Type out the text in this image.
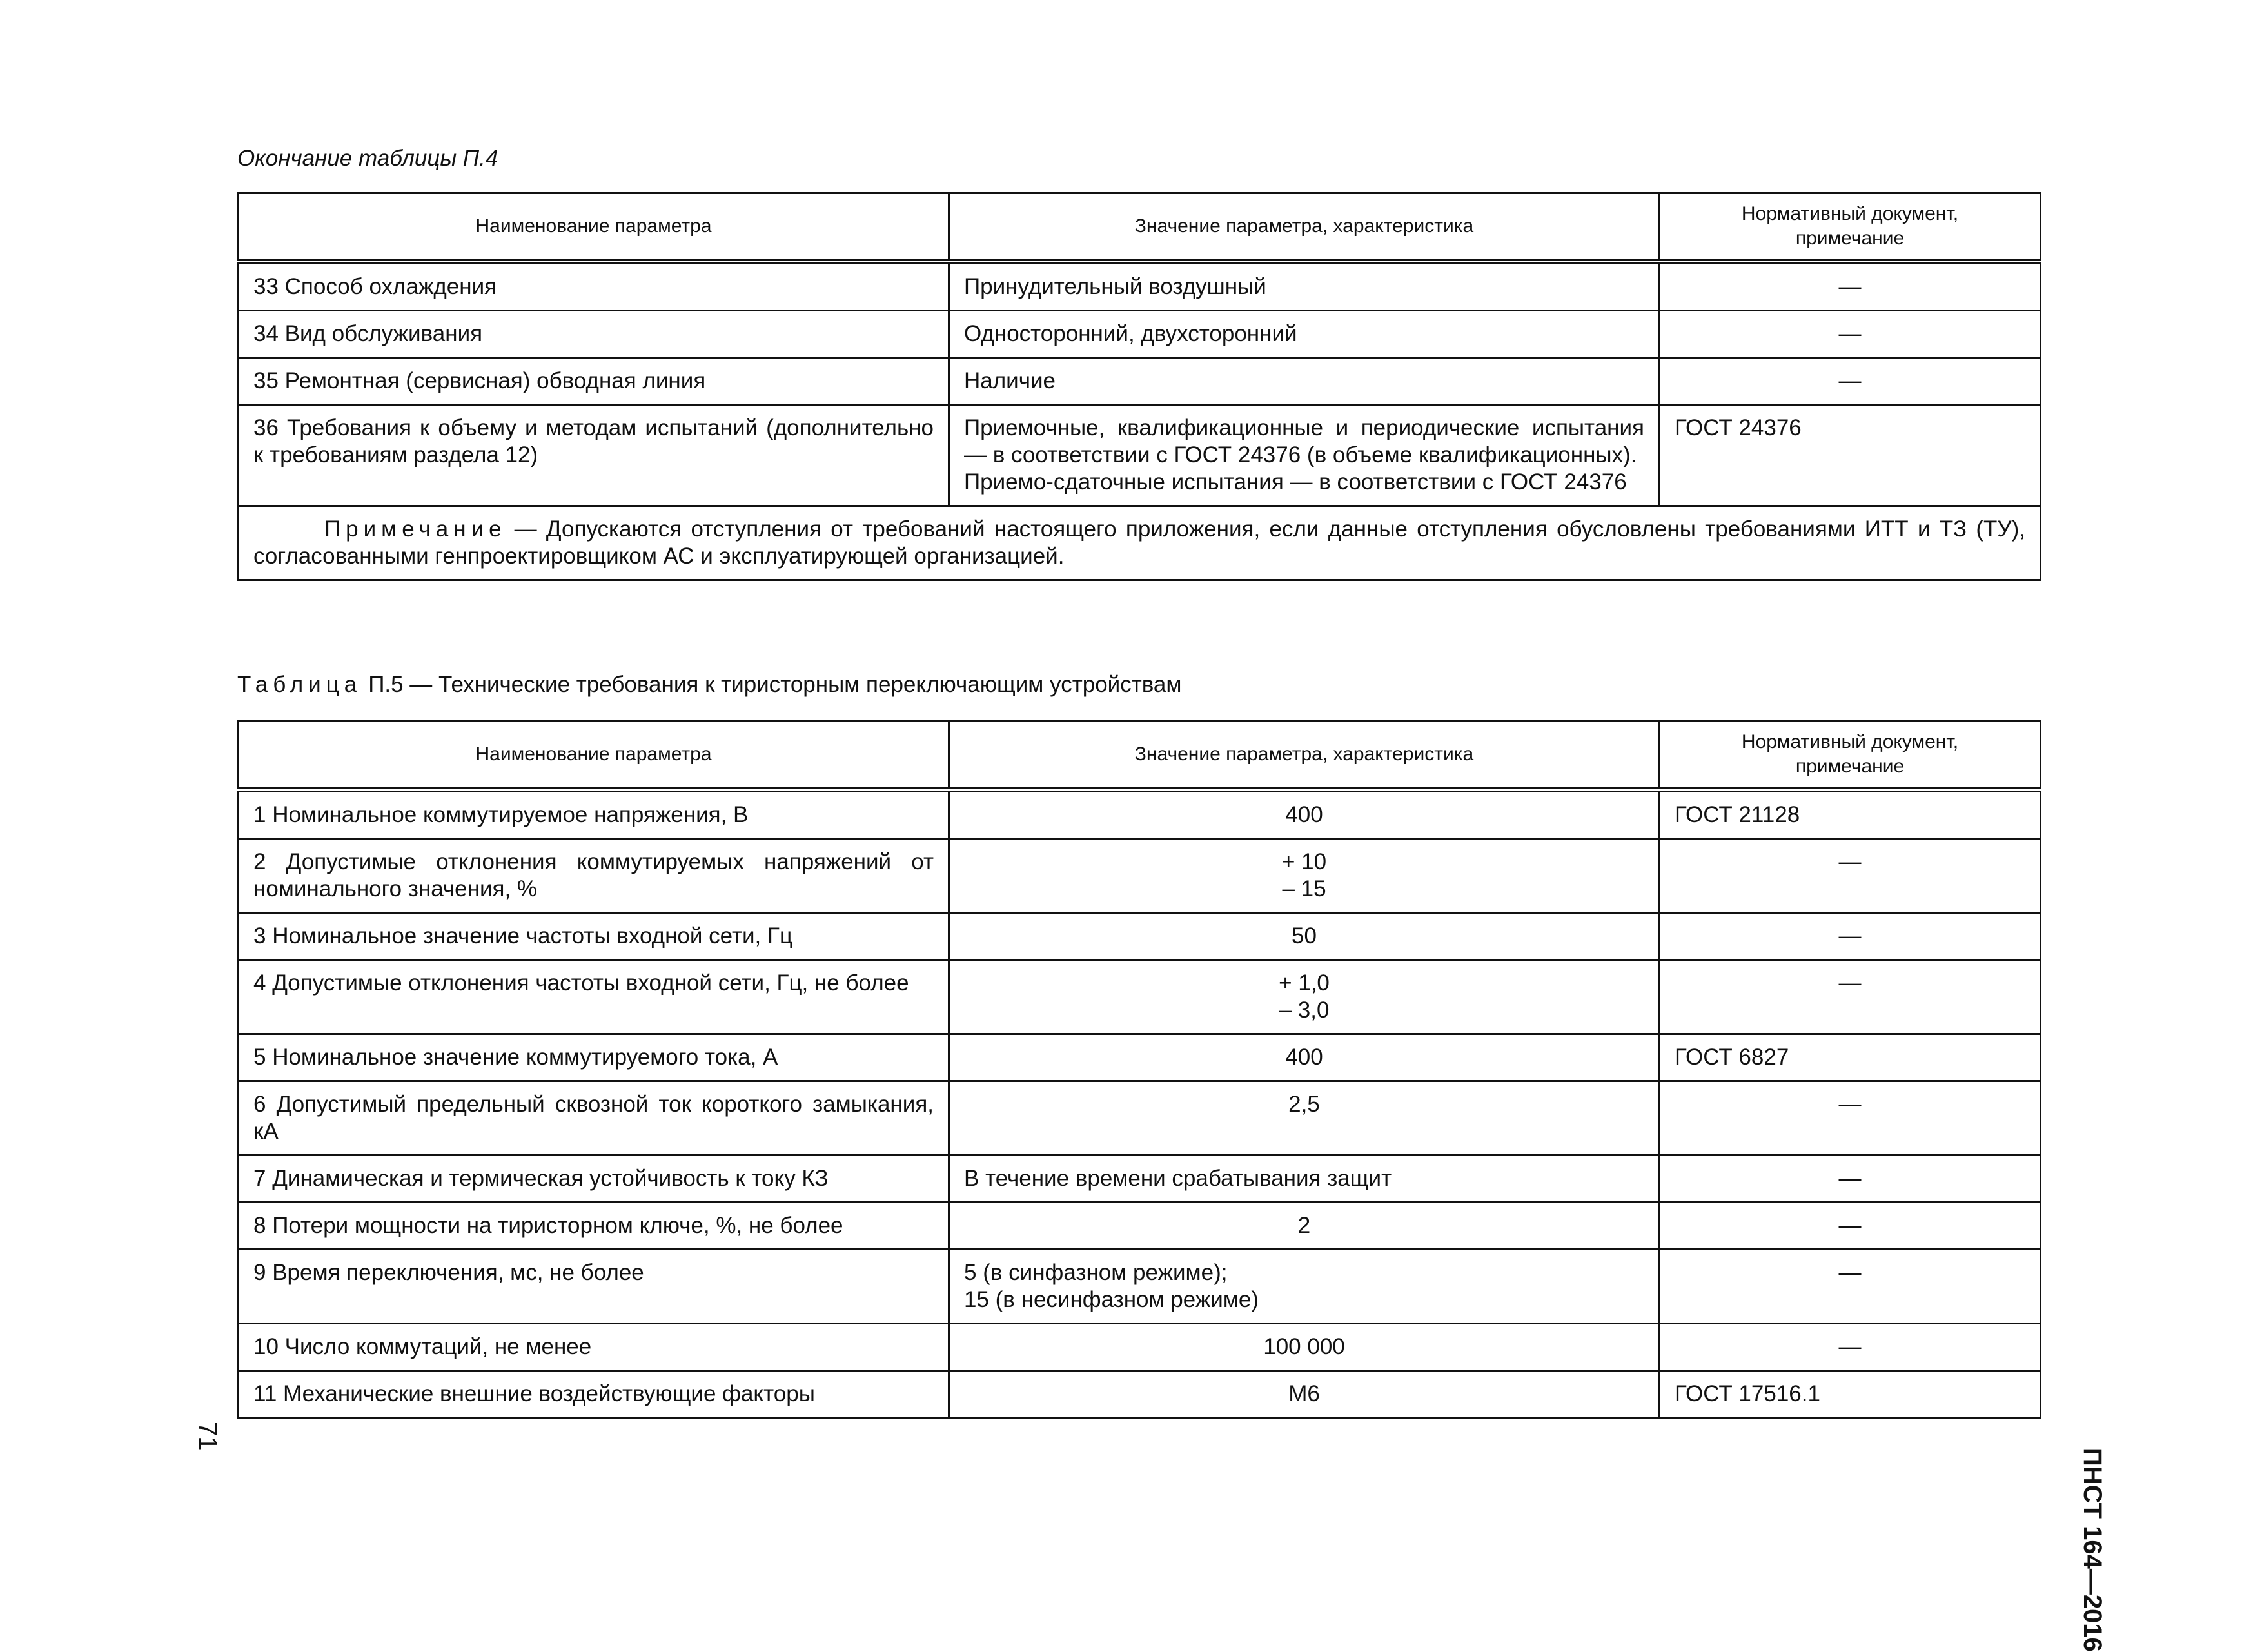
Окончание таблицы П.4
Наименование параметра	Значение параметра, характеристика	Нормативный документ,
примечание

33 Способ охлаждения	Принудительный воздушный	—
34 Вид обслуживания	Односторонний, двухсторонний	—
35 Ремонтная (сервисная) обводная линия	Наличие	—
36 Требования к объему и методам испытаний (дополнительно к требованиям раздела 12)	Приемочные, квалификационные и периодические испытания — в соответствии с ГОСТ 24376 (в объеме квалификационных).
Приемо-сдаточные испытания — в соответствии с ГОСТ 24376	ГОСТ 24376
Примечание — Допускаются отступления от требований настоящего приложения, если данные отступления обусловлены требованиями ИТТ и ТЗ (ТУ), согласованными генпроектировщиком АС и эксплуатирующей организацией.		
Таблица П.5 — Технические требования к тиристорным переключающим устройствам
Наименование параметра	Значение параметра, характеристика	Нормативный документ,
примечание

1 Номинальное коммутируемое напряжения, В	400	ГОСТ 21128
2 Допустимые отклонения коммутируемых напряжений от номинального значения, %	+ 10
– 15	—
3 Номинальное значение частоты входной сети, Гц	50	—
4 Допустимые отклонения частоты входной сети, Гц, не более	+ 1,0
– 3,0	—
5 Номинальное значение коммутируемого тока, А	400	ГОСТ 6827
6 Допустимый предельный сквозной ток короткого замыкания, кА	2,5	—
7 Динамическая и термическая устойчивость к току КЗ	В течение времени срабатывания защит	—
8 Потери мощности на тиристорном ключе, %, не более	2	—
9 Время переключения, мс, не более	5 (в синфазном режиме);
15 (в несинфазном режиме)	—
10 Число коммутаций, не менее	100 000	—
11 Механические внешние воздействующие факторы	М6	ГОСТ 17516.1
ПНСТ 164—2016
71
